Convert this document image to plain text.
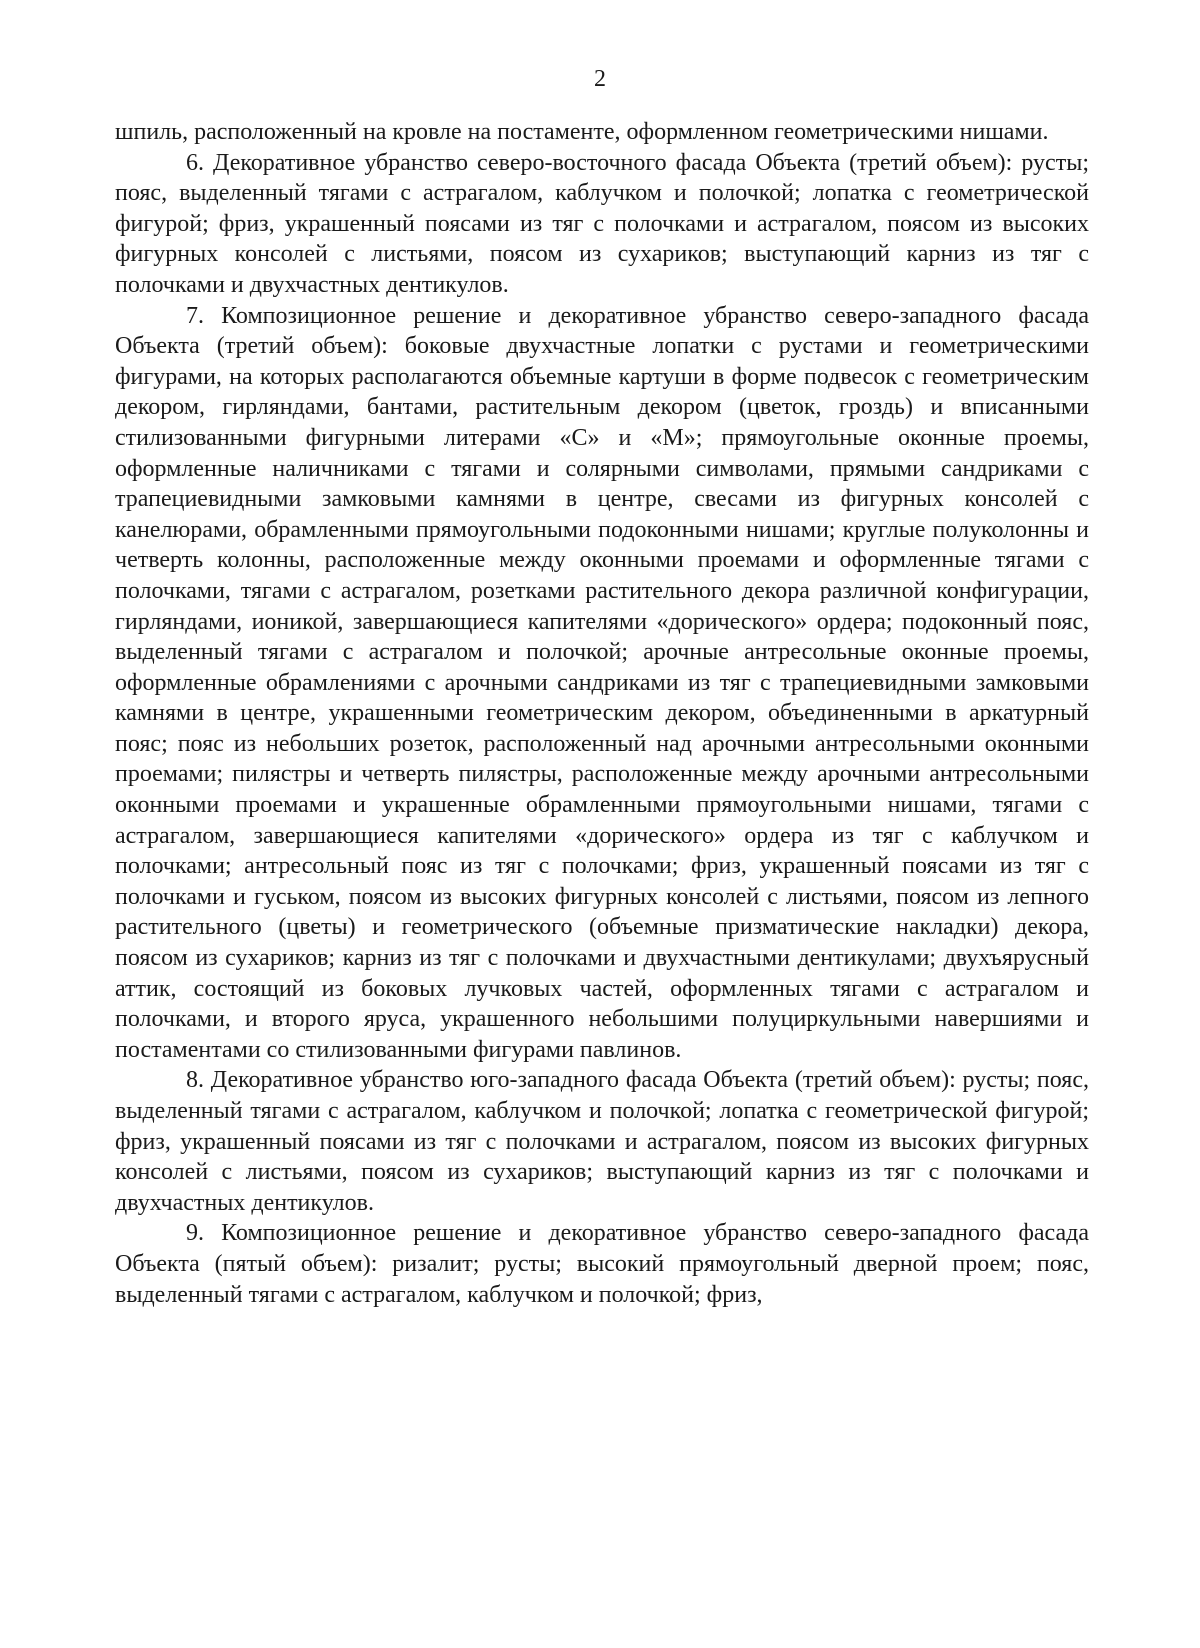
2

шпиль, расположенный на кровле на постаменте, оформленном геометрическими нишами.

6. Декоративное убранство северо-восточного фасада Объекта (третий объем): русты; пояс, выделенный тягами с астрагалом, каблучком и полочкой; лопатка с геометрической фигурой; фриз, украшенный поясами из тяг с полочками и астрагалом, поясом из высоких фигурных консолей с листьями, поясом из сухариков; выступающий карниз из тяг с полочками и двухчастных дентикулов.

7. Композиционное решение и декоративное убранство северо-западного фасада Объекта (третий объем): боковые двухчастные лопатки с рустами и геометрическими фигурами, на которых располагаются объемные картуши в форме подвесок с геометрическим декором, гирляндами, бантами, растительным декором (цветок, гроздь) и вписанными стилизованными фигурными литерами «С» и «М»; прямоугольные оконные проемы, оформленные наличниками с тягами и солярными символами, прямыми сандриками с трапециевидными замковыми камнями в центре, свесами из фигурных консолей с канелюрами, обрамленными прямоугольными подоконными нишами; круглые полуколонны и четверть колонны, расположенные между оконными проемами и оформленные тягами с полочками, тягами с астрагалом, розетками растительного декора различной конфигурации, гирляндами, ионикой, завершающиеся капителями «дорического» ордера; подоконный пояс, выделенный тягами с астрагалом и полочкой; арочные антресольные оконные проемы, оформленные обрамлениями с арочными сандриками из тяг с трапециевидными замковыми камнями в центре, украшенными геометрическим декором, объединенными в аркатурный пояс; пояс из небольших розеток, расположенный над арочными антресольными оконными проемами; пилястры и четверть пилястры, расположенные между арочными антресольными оконными проемами и украшенные обрамленными прямоугольными нишами, тягами с астрагалом, завершающиеся капителями «дорического» ордера из тяг с каблучком и полочками; антресольный пояс из тяг с полочками; фриз, украшенный поясами из тяг с полочками и гуськом, поясом из высоких фигурных консолей с листьями, поясом из лепного растительного (цветы) и геометрического (объемные призматические накладки) декора, поясом из сухариков; карниз из тяг с полочками и двухчастными дентикулами; двухъярусный аттик, состоящий из боковых лучковых частей, оформленных тягами с астрагалом и полочками, и второго яруса, украшенного небольшими полуциркульными навершиями и постаментами со стилизованными фигурами павлинов.

8. Декоративное убранство юго-западного фасада Объекта (третий объем): русты; пояс, выделенный тягами с астрагалом, каблучком и полочкой; лопатка с геометрической фигурой; фриз, украшенный поясами из тяг с полочками и астрагалом, поясом из высоких фигурных консолей с листьями, поясом из сухариков; выступающий карниз из тяг с полочками и двухчастных дентикулов.

9. Композиционное решение и декоративное убранство северо-западного фасада Объекта (пятый объем): ризалит; русты; высокий прямоугольный дверной проем; пояс, выделенный тягами с астрагалом, каблучком и полочкой; фриз,
